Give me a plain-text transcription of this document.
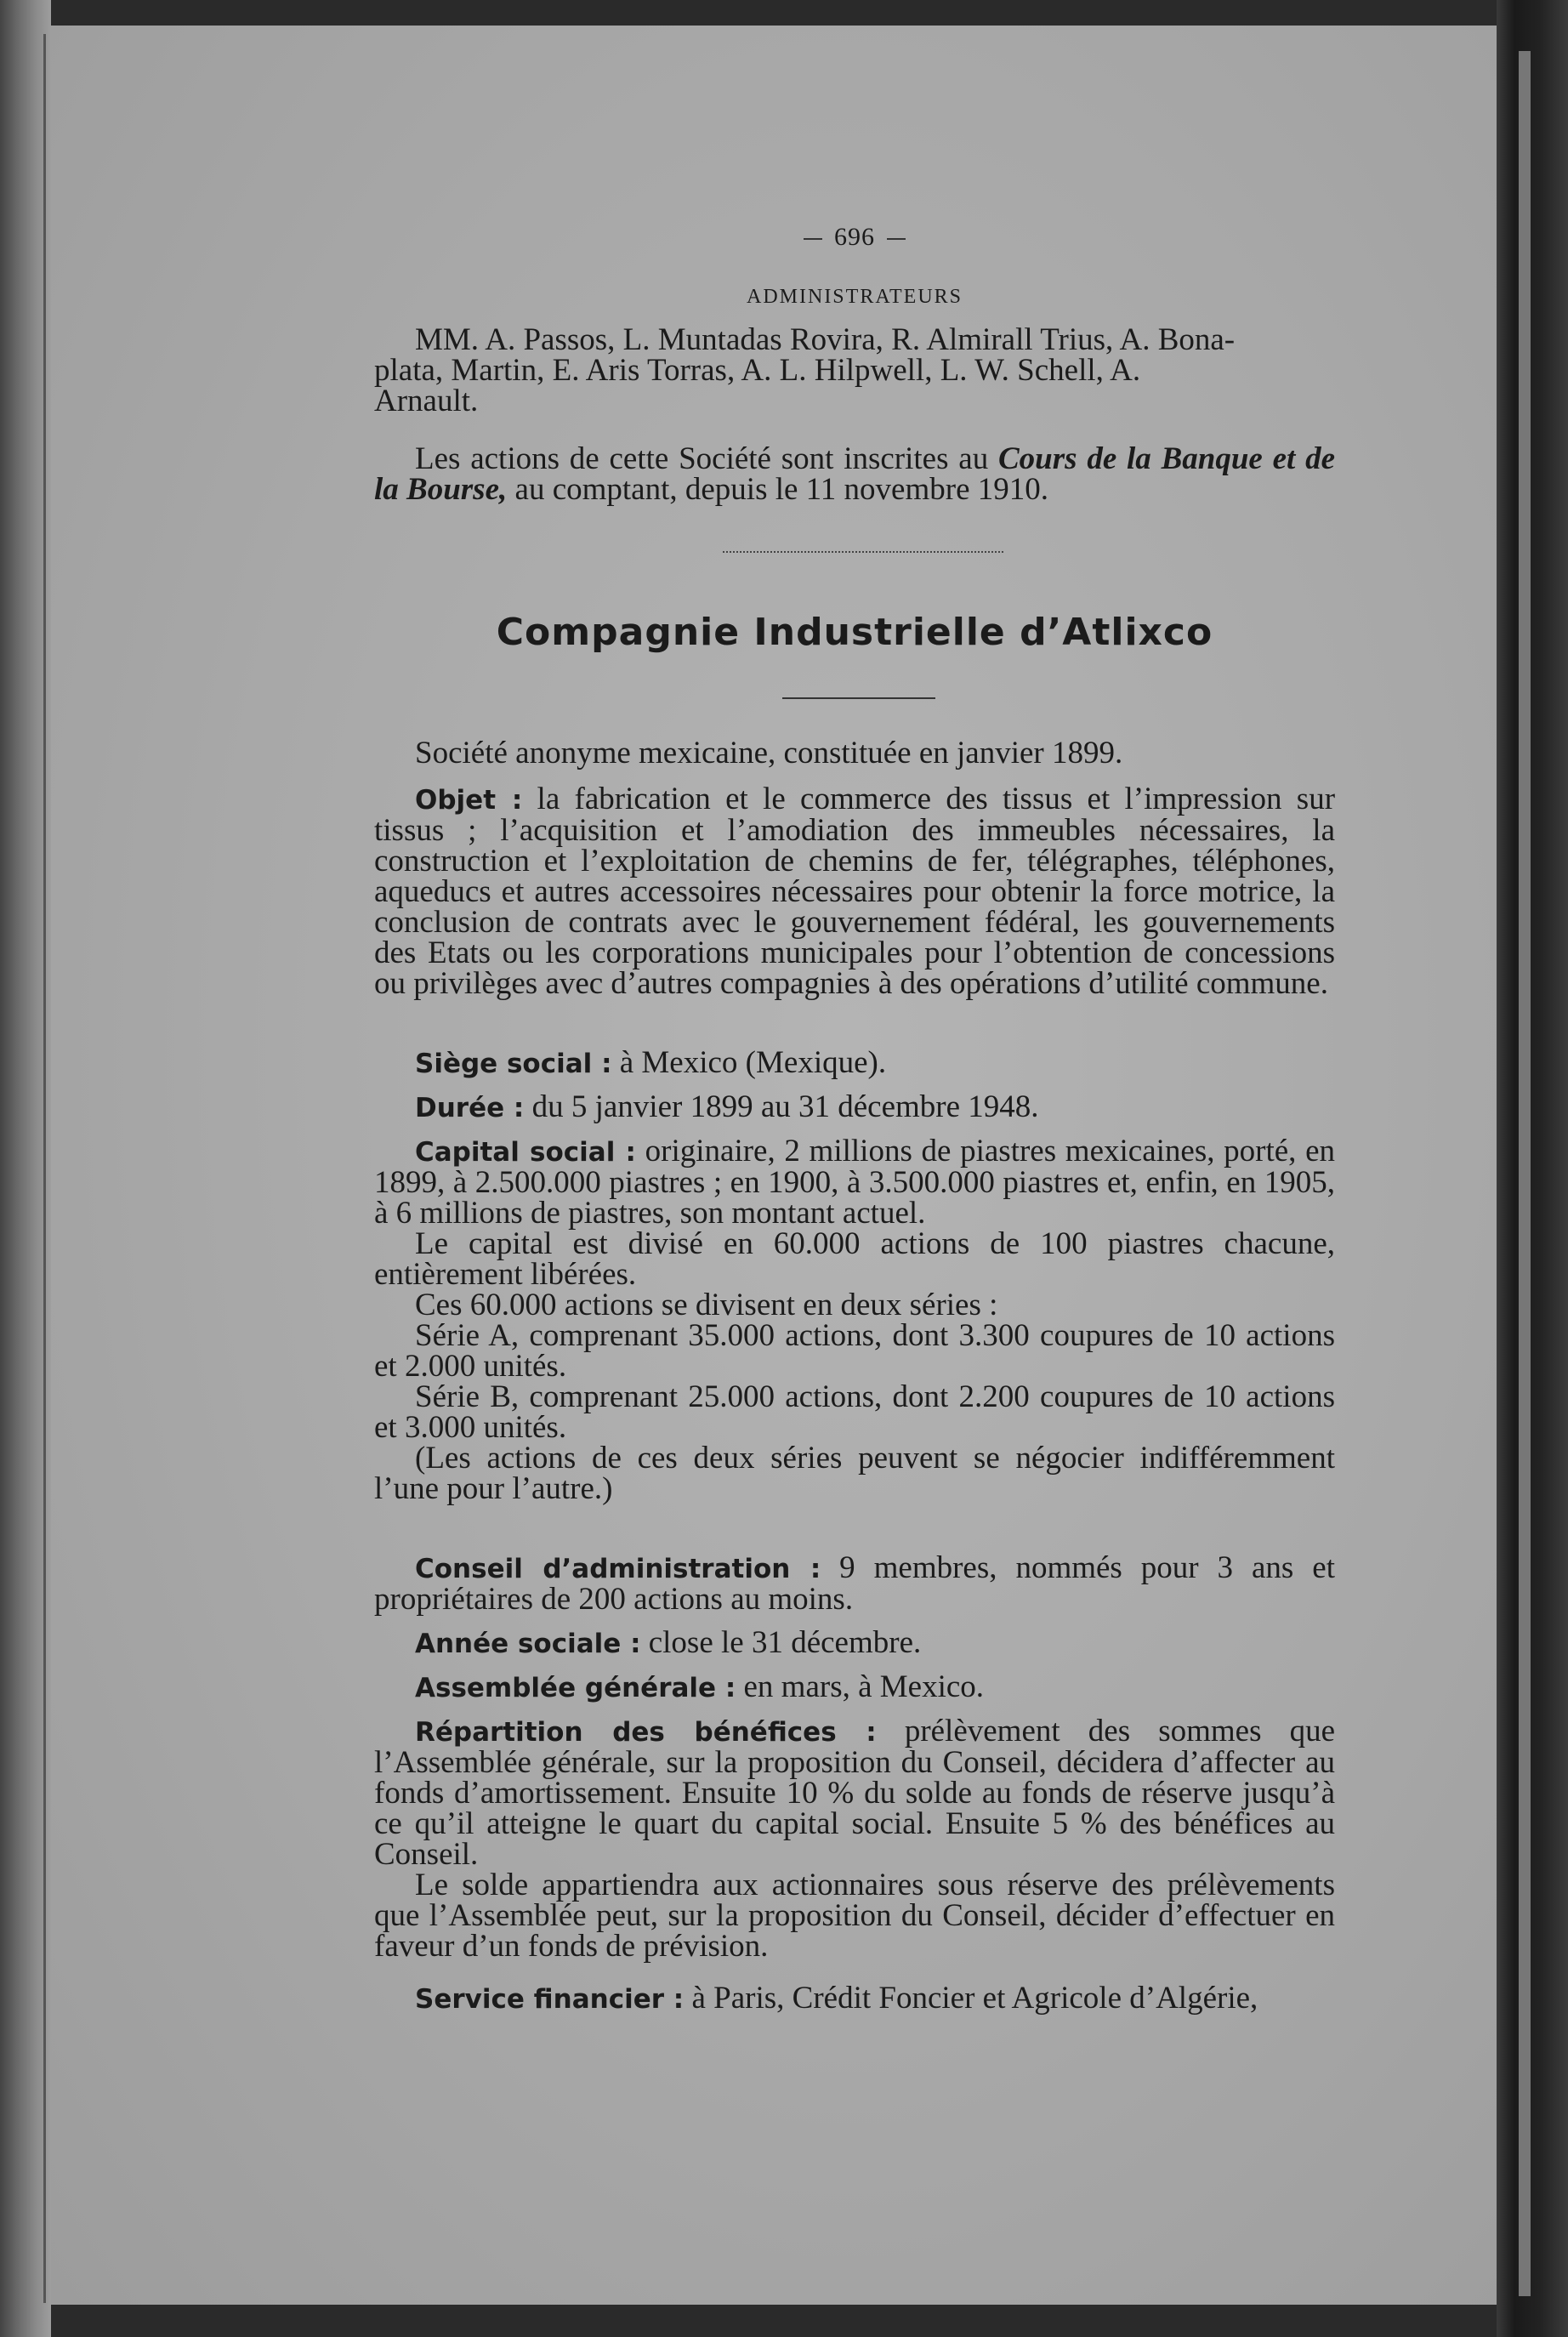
696
ADMINISTRATEURS
MM. A. Passos, L. Muntadas Rovira, R. Almirall Trius, A. Bona-
plata, Martin, E. Aris Torras, A. L. Hilpwell, L. W. Schell, A.
Arnault.

Les actions de cette Société sont inscrites au Cours de la Banque et de la Bourse, au comptant, depuis le 11 novembre 1910.

Compagnie Industrielle d’Atlixco

Société anonyme mexicaine, constituée en janvier 1899.

Objet : la fabrication et le commerce des tissus et l’impression sur tissus ; l’acquisition et l’amodiation des immeubles nécessaires, la construction et l’exploitation de chemins de fer, télégraphes, téléphones, aqueducs et autres accessoires nécessaires pour obtenir la force motrice, la conclusion de contrats avec le gouvernement fédéral, les gouvernements des Etats ou les corporations municipales pour l’obtention de concessions ou privilèges avec d’autres compagnies à des opérations d’utilité commune.

Siège social : à Mexico (Mexique).

Durée : du 5 janvier 1899 au 31 décembre 1948.

Capital social : originaire, 2 millions de piastres mexicaines, porté, en 1899, à 2.500.000 piastres ; en 1900, à 3.500.000 piastres et, enfin, en 1905, à 6 millions de piastres, son montant actuel.

Le capital est divisé en 60.000 actions de 100 piastres chacune, entièrement libérées.

Ces 60.000 actions se divisent en deux séries :

Série A, comprenant 35.000 actions, dont 3.300 coupures de 10 actions et 2.000 unités.

Série B, comprenant 25.000 actions, dont 2.200 coupures de 10 actions et 3.000 unités.

(Les actions de ces deux séries peuvent se négocier indifféremment l’une pour l’autre.)

Conseil d’administration : 9 membres, nommés pour 3 ans et propriétaires de 200 actions au moins.

Année sociale : close le 31 décembre.

Assemblée générale : en mars, à Mexico.

Répartition des bénéfices : prélèvement des sommes que l’Assemblée générale, sur la proposition du Conseil, décidera d’affecter au fonds d’amortissement. Ensuite 10 % du solde au fonds de réserve jusqu’à ce qu’il atteigne le quart du capital social. Ensuite 5 % des bénéfices au Conseil.

Le solde appartiendra aux actionnaires sous réserve des prélèvements que l’Assemblée peut, sur la proposition du Conseil, décider d’effectuer en faveur d’un fonds de prévision.

Service financier : à Paris, Crédit Foncier et Agricole d’Algérie,
